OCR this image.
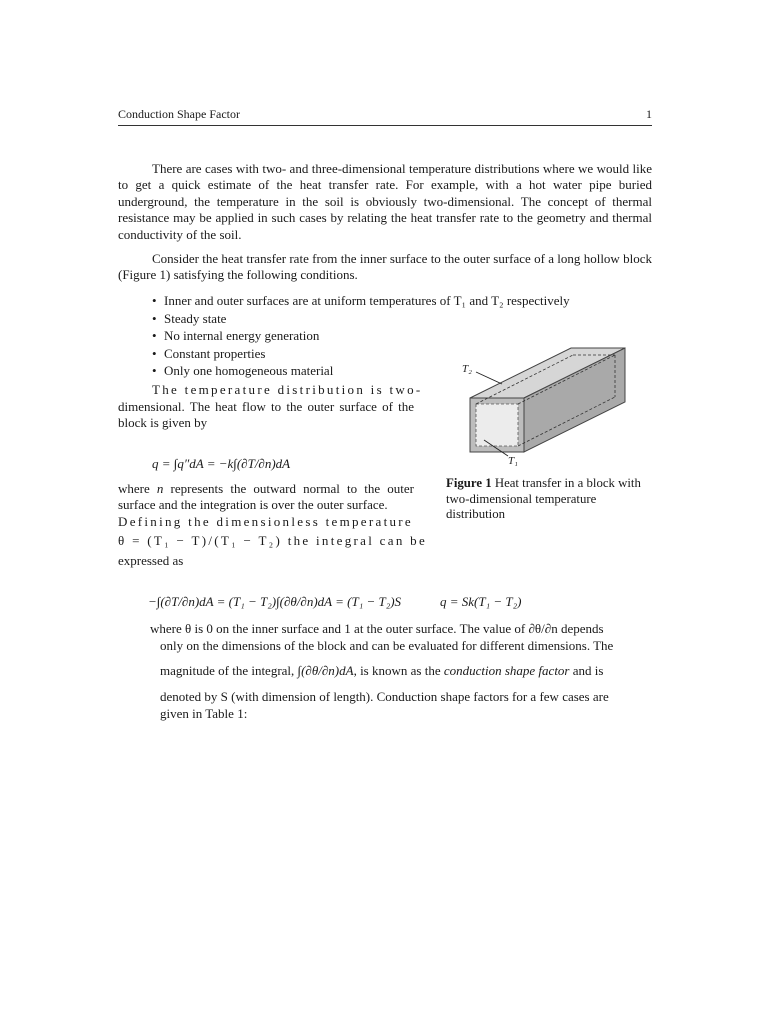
Conduction Shape Factor	1
There are cases with two- and three-dimensional temperature distributions where we would like to get a quick estimate of the heat transfer rate. For example, with a hot water pipe buried underground, the temperature in the soil is obviously two-dimensional. The concept of thermal resistance may be applied in such cases by relating the heat transfer rate to the geometry and thermal conductivity of the soil.
Consider the heat transfer rate from the inner surface to the outer surface of a long hollow block (Figure 1) satisfying the following conditions.
• Inner and outer surfaces are at uniform temperatures of T₁ and T₂ respectively
• Steady state
• No internal energy generation
• Constant properties
• Only one homogeneous material
The temperature distribution is two-
dimensional. The heat flow to the outer surface of the block is given by
q = ∫q″dA = −k∫(∂T/∂n)dA
where n represents the outward normal to the outer surface and the integration is over the outer surface.
Defining the dimensionless temperature
θ = (T₁ − T)/(T₁ − T₂) the integral can be
expressed as
−∫(∂T/∂n)dA = (T₁ − T₂)∫(∂θ/∂n)dA = (T₁ − T₂)S	q = Sk(T₁ − T₂)
where θ is 0 on the inner surface and 1 at the outer surface. The value of ∂θ/∂n depends
only on the dimensions of the block and can be evaluated for different dimensions. The
magnitude of the integral, ∫(∂θ/∂n)dA, is known as the conduction shape factor and is
denoted by S (with dimension of length). Conduction shape factors for a few cases are
given in Table 1:
T₂
T₁
Figure 1 Heat transfer in a block with two-dimensional temperature distribution
